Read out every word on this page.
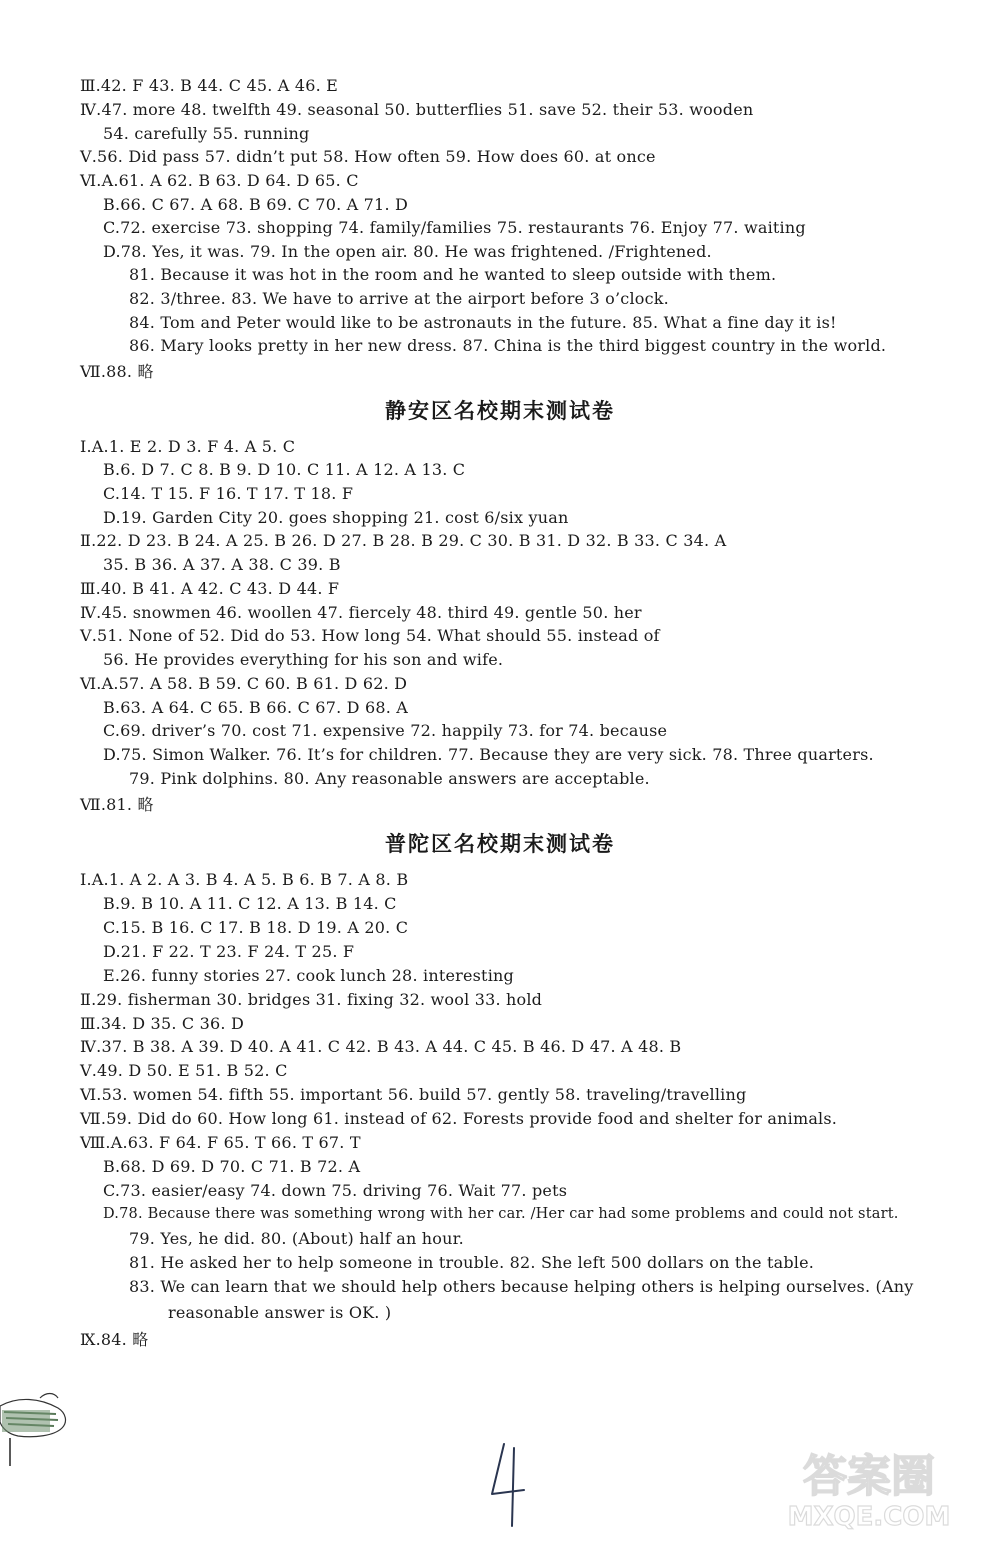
Ⅲ.42. F 43. B 44. C 45. A 46. E
Ⅳ.47. more 48. twelfth 49. seasonal 50. butterflies 51. save 52. their 53. wooden
54. carefully 55. running
Ⅴ.56. Did pass 57. didn’t put 58. How often 59. How does 60. at once
Ⅵ.A.61. A 62. B 63. D 64. D 65. C
B.66. C 67. A 68. B 69. C 70. A 71. D
C.72. exercise 73. shopping 74. family/families 75. restaurants 76. Enjoy 77. waiting
D.78. Yes, it was. 79. In the open air. 80. He was frightened. /Frightened.
81. Because it was hot in the room and he wanted to sleep outside with them.
82. 3/three. 83. We have to arrive at the airport before 3 o’clock.
84. Tom and Peter would like to be astronauts in the future. 85. What a fine day it is!
86. Mary looks pretty in her new dress. 87. China is the third biggest country in the world.
Ⅶ.88. 略
静安区名校期末测试卷
Ⅰ.A.1. E 2. D 3. F 4. A 5. C
B.6. D 7. C 8. B 9. D 10. C 11. A 12. A 13. C
C.14. T 15. F 16. T 17. T 18. F
D.19. Garden City 20. goes shopping 21. cost 6/six yuan
Ⅱ.22. D 23. B 24. A 25. B 26. D 27. B 28. B 29. C 30. B 31. D 32. B 33. C 34. A
35. B 36. A 37. A 38. C 39. B
Ⅲ.40. B 41. A 42. C 43. D 44. F
Ⅳ.45. snowmen 46. woollen 47. fiercely 48. third 49. gentle 50. her
Ⅴ.51. None of 52. Did do 53. How long 54. What should 55. instead of
56. He provides everything for his son and wife.
Ⅵ.A.57. A 58. B 59. C 60. B 61. D 62. D
B.63. A 64. C 65. B 66. C 67. D 68. A
C.69. driver’s 70. cost 71. expensive 72. happily 73. for 74. because
D.75. Simon Walker. 76. It’s for children. 77. Because they are very sick. 78. Three quarters.
79. Pink dolphins. 80. Any reasonable answers are acceptable.
Ⅶ.81. 略
普陀区名校期末测试卷
Ⅰ.A.1. A 2. A 3. B 4. A 5. B 6. B 7. A 8. B
B.9. B 10. A 11. C 12. A 13. B 14. C
C.15. B 16. C 17. B 18. D 19. A 20. C
D.21. F 22. T 23. F 24. T 25. F
E.26. funny stories 27. cook lunch 28. interesting
Ⅱ.29. fisherman 30. bridges 31. fixing 32. wool 33. hold
Ⅲ.34. D 35. C 36. D
Ⅳ.37. B 38. A 39. D 40. A 41. C 42. B 43. A 44. C 45. B 46. D 47. A 48. B
Ⅴ.49. D 50. E 51. B 52. C
Ⅵ.53. women 54. fifth 55. important 56. build 57. gently 58. traveling/travelling
Ⅶ.59. Did do 60. How long 61. instead of 62. Forests provide food and shelter for animals.
Ⅷ.A.63. F 64. F 65. T 66. T 67. T
B.68. D 69. D 70. C 71. B 72. A
C.73. easier/easy 74. down 75. driving 76. Wait 77. pets
D.78. Because there was something wrong with her car. /Her car had some problems and could not start.
79. Yes, he did. 80. (About) half an hour.
81. He asked her to help someone in trouble. 82. She left 500 dollars on the table.
83. We can learn that we should help others because helping others is helping ourselves. (Any
reasonable answer is OK. )
Ⅸ.84. 略
答案圈
MXQE.COM
